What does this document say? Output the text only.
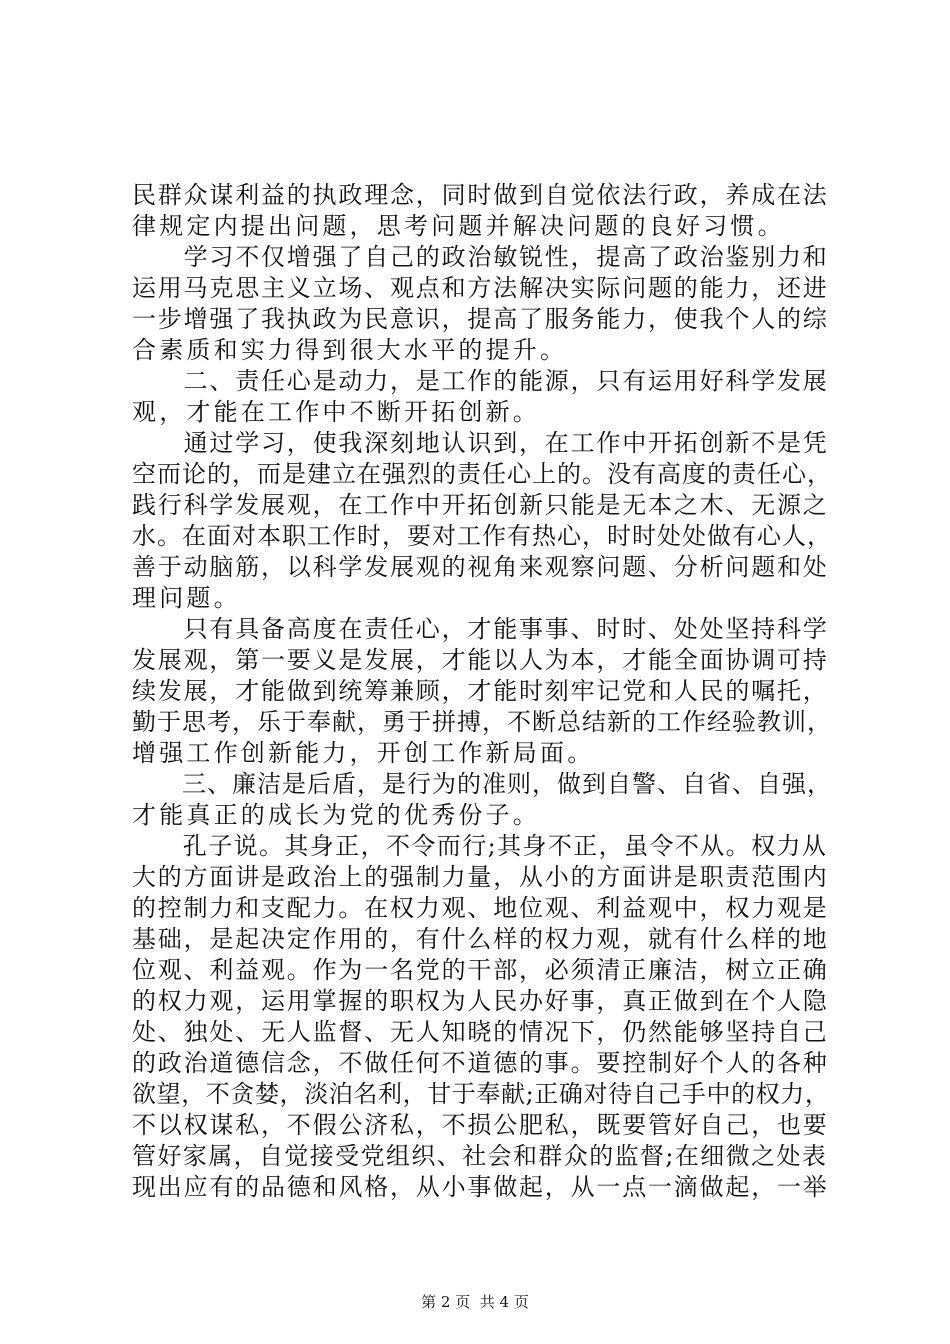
民群众谋利益的执政理念，同时做到自觉依法行政，养成在法
律规定内提出问题，思考问题并解决问题的良好习惯。
　　学习不仅增强了自己的政治敏锐性，提高了政治鉴别力和
运用马克思主义立场、观点和方法解决实际问题的能力，还进
一步增强了我执政为民意识，提高了服务能力，使我个人的综
合素质和实力得到很大水平的提升。
　　二、责任心是动力，是工作的能源，只有运用好科学发展
观，才能在工作中不断开拓创新。
　　通过学习，使我深刻地认识到，在工作中开拓创新不是凭
空而论的，而是建立在强烈的责任心上的。没有高度的责任心，
践行科学发展观，在工作中开拓创新只能是无本之木、无源之
水。在面对本职工作时，要对工作有热心，时时处处做有心人，
善于动脑筋，以科学发展观的视角来观察问题、分析问题和处
理问题。
　　只有具备高度在责任心，才能事事、时时、处处坚持科学
发展观，第一要义是发展，才能以人为本，才能全面协调可持
续发展，才能做到统筹兼顾，才能时刻牢记党和人民的嘱托，
勤于思考，乐于奉献，勇于拼搏，不断总结新的工作经验教训，
增强工作创新能力，开创工作新局面。
　　三、廉洁是后盾，是行为的准则，做到自警、自省、自强，
才能真正的成长为党的优秀份子。
　　孔子说。其身正，不令而行;其身不正，虽令不从。权力从
大的方面讲是政治上的强制力量，从小的方面讲是职责范围内
的控制力和支配力。在权力观、地位观、利益观中，权力观是
基础，是起决定作用的，有什么样的权力观，就有什么样的地
位观、利益观。作为一名党的干部，必须清正廉洁，树立正确
的权力观，运用掌握的职权为人民办好事，真正做到在个人隐
处、独处、无人监督、无人知晓的情况下，仍然能够坚持自己
的政治道德信念，不做任何不道德的事。要控制好个人的各种
欲望，不贪婪，淡泊名利，甘于奉献;正确对待自己手中的权力，
不以权谋私，不假公济私，不损公肥私，既要管好自己，也要
管好家属，自觉接受党组织、社会和群众的监督;在细微之处表
现出应有的品德和风格，从小事做起，从一点一滴做起，一举
第 2 页  共 4 页
